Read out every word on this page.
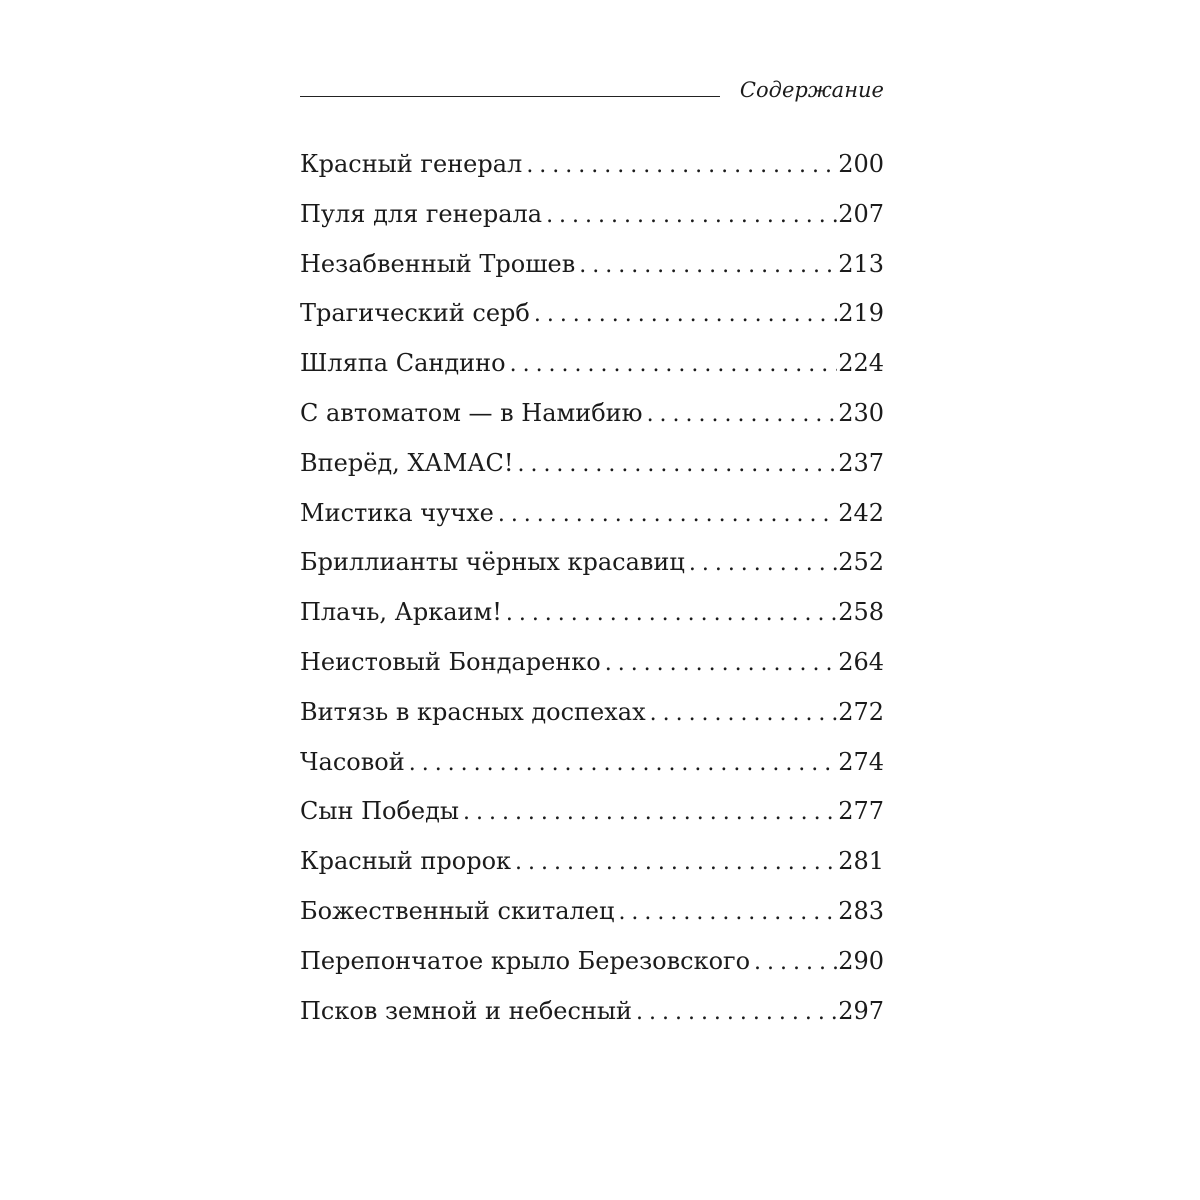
Содержание
Красный генерал . . .	200
Пуля для генерала . . .	207
Незабвенный Трошев . . .	213
Трагический серб . . .	219
Шляпа Сандино . . .	224
С автоматом — в Намибию . . .	230
Вперёд, ХАМАС! . . .	237
Мистика чучхе . . .	242
Бриллианты чёрных красавиц . . .	252
Плачь, Аркаим! . . .	258
Неистовый Бондаренко . . .	264
Витязь в красных доспехах . . .	272
Часовой . . .	274
Сын Победы . . .	277
Красный пророк . . .	281
Божественный скиталец . . .	283
Перепончатое крыло Березовского . . .	290
Псков земной и небесный . . .	297
